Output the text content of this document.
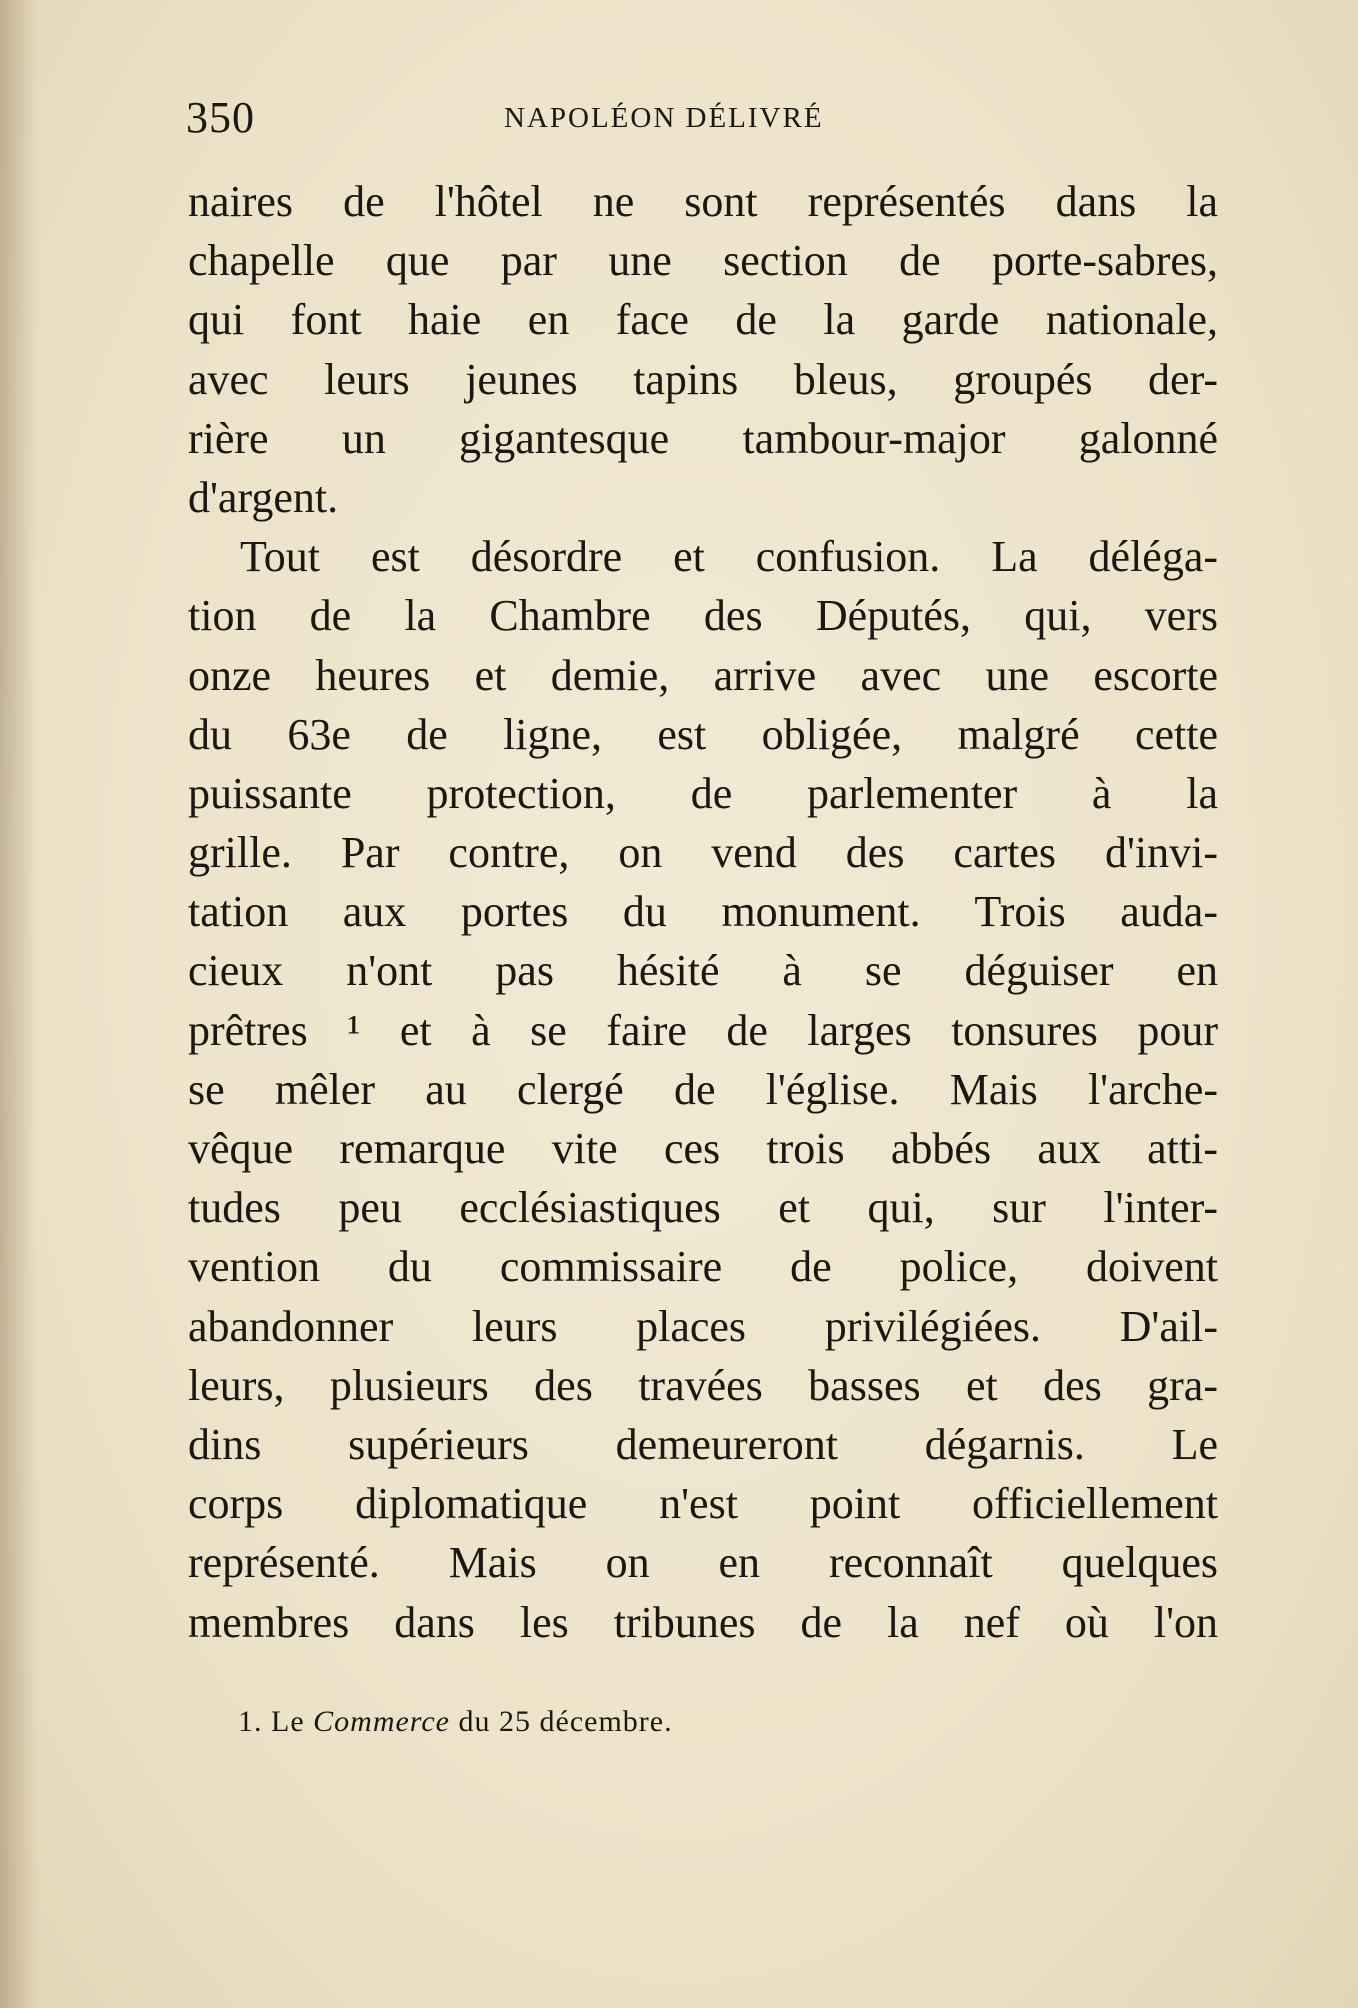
350	NAPOLÉON DÉLIVRÉ
naires de l'hôtel ne sont représentés dans la
chapelle que par une section de porte-sabres,
qui font haie en face de la garde nationale,
avec leurs jeunes tapins bleus, groupés der-
rière un gigantesque tambour-major galonné
d'argent.
Tout est désordre et confusion. La déléga-
tion de la Chambre des Députés, qui, vers
onze heures et demie, arrive avec une escorte
du 63e de ligne, est obligée, malgré cette
puissante protection, de parlementer à la
grille. Par contre, on vend des cartes d'invi-
tation aux portes du monument. Trois auda-
cieux n'ont pas hésité à se déguiser en
prêtres ¹ et à se faire de larges tonsures pour
se mêler au clergé de l'église. Mais l'arche-
vêque remarque vite ces trois abbés aux atti-
tudes peu ecclésiastiques et qui, sur l'inter-
vention du commissaire de police, doivent
abandonner leurs places privilégiées. D'ail-
leurs, plusieurs des travées basses et des gra-
dins supérieurs demeureront dégarnis. Le
corps diplomatique n'est point officiellement
représenté. Mais on en reconnaît quelques
membres dans les tribunes de la nef où l'on
1. Le Commerce du 25 décembre.
